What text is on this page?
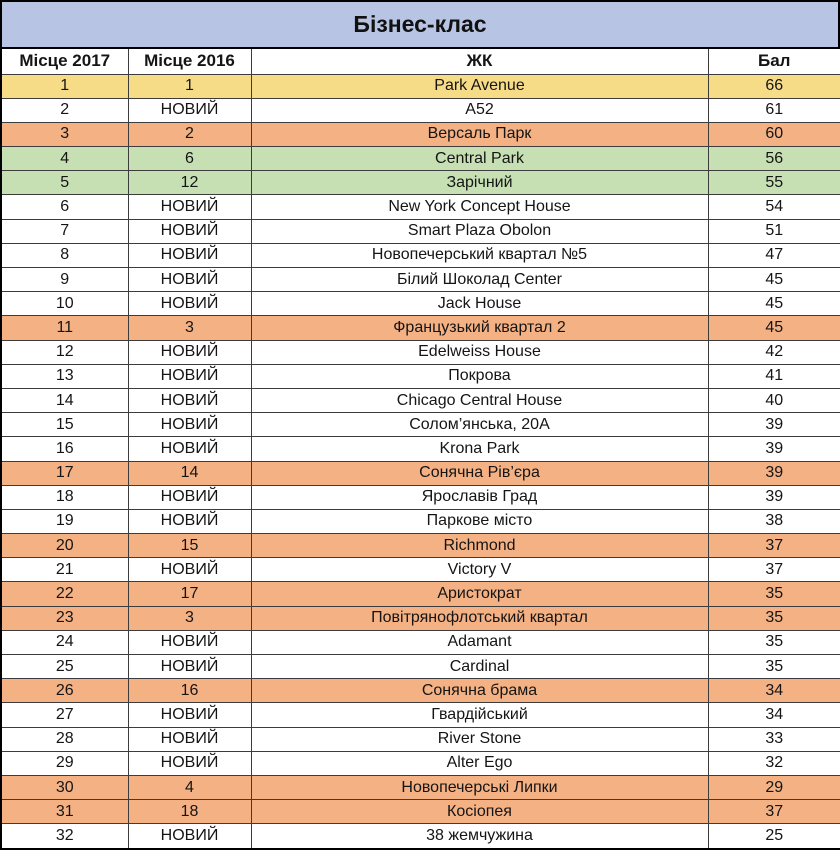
Бізнес-клас
Місце 2017	Місце 2016	ЖК	Бал
1	1	Park Avenue	66
2	НОВИЙ	A52	61
3	2	Версаль Парк	60
4	6	Central Park	56
5	12	Зарічний	55
6	НОВИЙ	New York Concept House	54
7	НОВИЙ	Smart Plaza Obolon	51
8	НОВИЙ	Новопечерський квартал №5	47
9	НОВИЙ	Білий Шоколад Center	45
10	НОВИЙ	Jack House	45
11	3	Французький квартал 2	45
12	НОВИЙ	Edelweiss House	42
13	НОВИЙ	Покрова	41
14	НОВИЙ	Chicago Central House	40
15	НОВИЙ	Солом’янська, 20А	39
16	НОВИЙ	Krona Park	39
17	14	Сонячна Рів’єра	39
18	НОВИЙ	Ярославів Град	39
19	НОВИЙ	Паркове місто	38
20	15	Richmond	37
21	НОВИЙ	Victory V	37
22	17	Аристократ	35
23	3	Повітрянофлотський квартал	35
24	НОВИЙ	Adamant	35
25	НОВИЙ	Cardinal	35
26	16	Сонячна брама	34
27	НОВИЙ	Гвардійський	34
28	НОВИЙ	River Stone	33
29	НОВИЙ	Alter Ego	32
30	4	Новопечерські Липки	29
31	18	Косіопея	37
32	НОВИЙ	38 жемчужина	25
